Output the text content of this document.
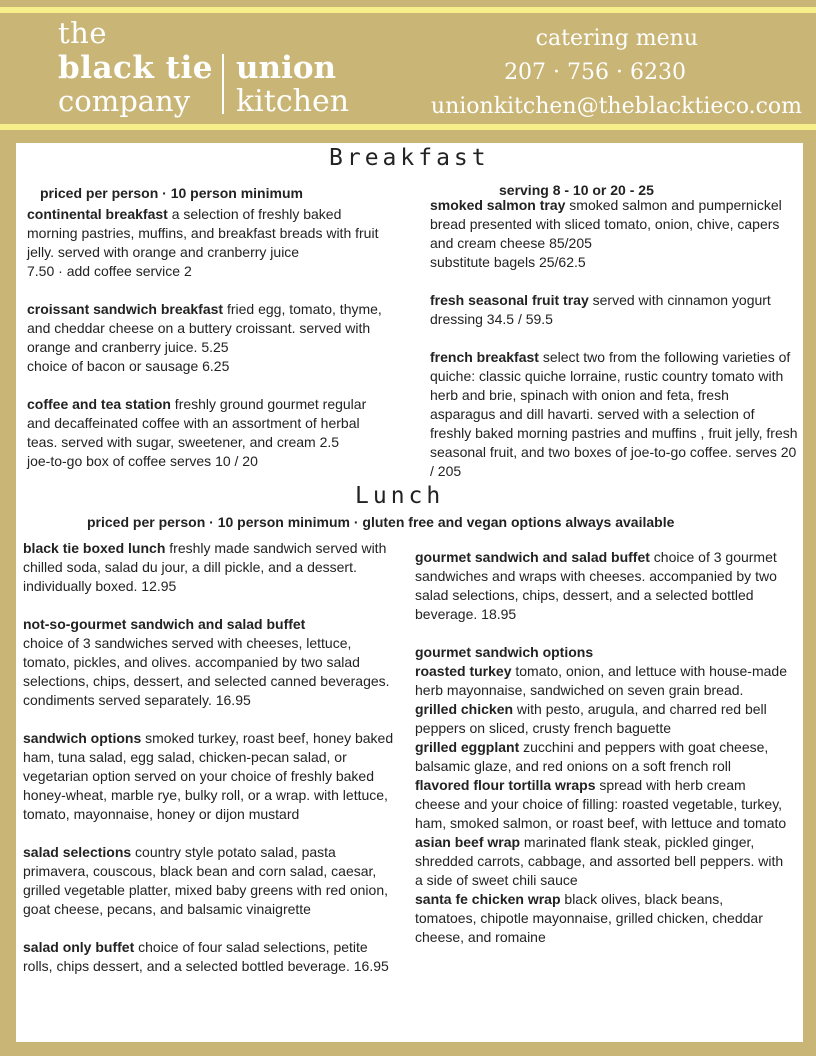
the
black tie
company
union
kitchen
catering menu
207 · 756 · 6230
unionkitchen@theblacktieco.com
Breakfast
priced per person · 10 person minimum	serving 8 - 10 or 20 - 25
continental breakfast a selection of freshly baked morning pastries, muffins, and breakfast breads with fruit jelly. served with orange and cranberry juice
7.50 · add coffee service 2
croissant sandwich breakfast fried egg, tomato, thyme, and cheddar cheese on a buttery croissant. served with orange and cranberry juice. 5.25
choice of bacon or sausage 6.25
coffee and tea station freshly ground gourmet regular and decaffeinated coffee with an assortment of herbal teas. served with sugar, sweetener, and cream 2.5
joe-to-go box of coffee serves 10 / 20
smoked salmon tray smoked salmon and pumpernickel bread presented with sliced tomato, onion, chive, capers and cream cheese 85/205
substitute bagels 25/62.5
fresh seasonal fruit tray served with cinnamon yogurt dressing 34.5 / 59.5
french breakfast select two from the following varieties of quiche: classic quiche lorraine, rustic country tomato with herb and brie, spinach with onion and feta, fresh asparagus and dill havarti. served with a selection of freshly baked morning pastries and muffins , fruit jelly, fresh seasonal fruit, and two boxes of joe-to-go coffee. serves 20 / 205
Lunch
priced per person · 10 person minimum · gluten free and vegan options always available
black tie boxed lunch freshly made sandwich served with chilled soda, salad du jour, a dill pickle, and a dessert. individually boxed. 12.95
not-so-gourmet sandwich and salad buffet
choice of 3 sandwiches served with cheeses, lettuce, tomato, pickles, and olives. accompanied by two salad selections, chips, dessert, and selected canned beverages. condiments served separately. 16.95
sandwich options smoked turkey, roast beef, honey baked ham, tuna salad, egg salad, chicken-pecan salad, or vegetarian option served on your choice of freshly baked honey-wheat, marble rye, bulky roll, or a wrap. with lettuce, tomato, mayonnaise, honey or dijon mustard
salad selections country style potato salad, pasta primavera, couscous, black bean and corn salad, caesar, grilled vegetable platter, mixed baby greens with red onion, goat cheese, pecans, and balsamic vinaigrette
salad only buffet choice of four salad selections, petite rolls, chips dessert, and a selected bottled beverage. 16.95
gourmet sandwich and salad buffet choice of 3 gourmet sandwiches and wraps with cheeses. accompanied by two salad selections, chips, dessert, and a selected bottled beverage. 18.95
gourmet sandwich options
roasted turkey tomato, onion, and lettuce with house-made herb mayonnaise, sandwiched on seven grain bread.
grilled chicken with pesto, arugula, and charred red bell peppers on sliced, crusty french baguette
grilled eggplant zucchini and peppers with goat cheese, balsamic glaze, and red onions on a soft french roll
flavored flour tortilla wraps spread with herb cream cheese and your choice of filling: roasted vegetable, turkey, ham, smoked salmon, or roast beef, with lettuce and tomato
asian beef wrap marinated flank steak, pickled ginger, shredded carrots, cabbage, and assorted bell peppers. with a side of sweet chili sauce
santa fe chicken wrap black olives, black beans, tomatoes, chipotle mayonnaise, grilled chicken, cheddar cheese, and romaine
